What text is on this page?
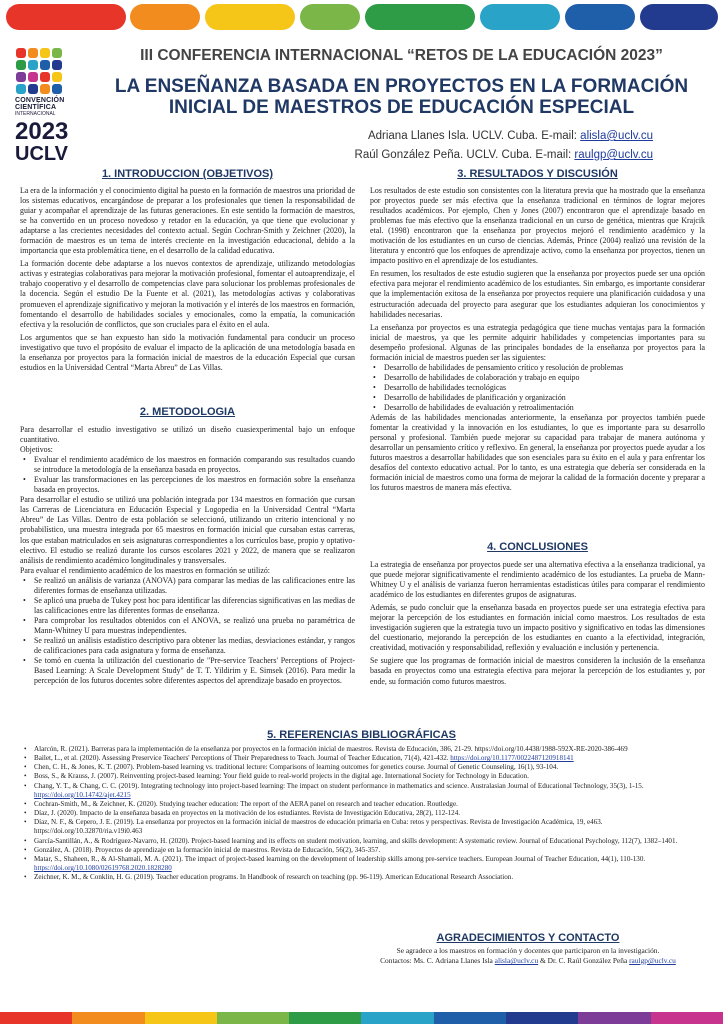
CONVENCIÓN
CIENTÍFICA
INTERNACIONAL
2023
UCLV
III CONFERENCIA INTERNACIONAL “RETOS DE LA EDUCACIÓN 2023”
LA ENSEÑANZA BASADA EN PROYECTOS EN LA FORMACIÓN
INICIAL DE MAESTROS DE EDUCACIÓN ESPECIAL
Adriana Llanes Isla. UCLV. Cuba. E-mail: alisla@uclv.cu
Raúl González Peña. UCLV. Cuba. E-mail: raulgp@uclv.cu
1. INTRODUCCION (OBJETIVOS)
La era de la información y el conocimiento digital ha puesto en la formación de maestros una prioridad de los sistemas educativos, encargándose de preparar a los profesionales que tienen la responsabilidad de guiar y acompañar el aprendizaje de las futuras generaciones. En este sentido la formación de maestros, se ha convertido en un proceso novedoso y retador en la educación, ya que tiene que evolucionar y adaptarse a las crecientes necesidades del contexto actual. Según Cochran-Smith y Zeichner (2020), la formación de maestros es un tema de interés creciente en la investigación educacional, debido a la importancia que esta problemática tiene, en el desarrollo de la calidad educativa.
La formación docente debe adaptarse a los nuevos contextos de aprendizaje, utilizando metodologías activas y estrategias colaborativas para mejorar la motivación profesional, fomentar el autoaprendizaje, el trabajo cooperativo y el desarrollo de competencias clave para solucionar los problemas profesionales de la docencia. Según el estudio De la Fuente et al. (2021), las metodologías activas y colaborativas promueven el aprendizaje significativo y mejoran la motivación y el interés de los maestros en formación, fomentando el desarrollo de habilidades sociales y emocionales, como la empatía, la comunicación efectiva y la resolución de conflictos, que son cruciales para el éxito en el aula.
Los argumentos que se han expuesto han sido la motivación fundamental para conducir un proceso investigativo que tuvo el propósito de evaluar el impacto de la aplicación de una metodología basada en la enseñanza por proyectos para la formación inicial de maestros de la educación Especial que cursan estudios en la Universidad Central “Marta Abreu” de Las Villas.
2. METODOLOGIA
Para desarrollar el estudio investigativo se utilizó un diseño cuasiexperimental bajo un enfoque cuantitativo.
Objetivos:
• Evaluar el rendimiento académico de los maestros en formación comparando sus resultados cuando se introduce la metodología de la enseñanza basada en proyectos.
• Evaluar las transformaciones en las percepciones de los maestros en formación sobre la enseñanza basada en proyectos.
Para desarrollar el estudio se utilizó una población integrada por 134 maestros en formación que cursan las Carreras de Licenciatura en Educación Especial y Logopedia en la Universidad Central “Marta Abreu” de Las Villas. Dentro de esta población se seleccionó, utilizando un criterio intencional y no probabilístico, una muestra integrada por 65 maestros en formación inicial que cursaban estas carreras, los que estaban matriculados en seis asignaturas correspondientes a los currículos base, propio y optativo-electivo. El estudio se realizó durante los cursos escolares 2021 y 2022, de manera que se realizaron análisis de rendimiento académico longitudinales y transversales.
Para evaluar el rendimiento académico de los maestros en formación se utilizó:
• Se realizó un análisis de varianza (ANOVA) para comparar las medias de las calificaciones entre las diferentes formas de enseñanza utilizadas.
• Se aplicó una prueba de Tukey post hoc para identificar las diferencias significativas en las medias de las calificaciones entre las diferentes formas de enseñanza.
• Para comprobar los resultados obtenidos con el ANOVA, se realizó una prueba no paramétrica de Mann-Whitney U para muestras independientes.
• Se realizó un análisis estadístico descriptivo para obtener las medias, desviaciones estándar, y rangos de calificaciones para cada asignatura y forma de enseñanza.
• Se tomó en cuenta la utilización del cuestionario de "Pre-service Teachers' Perceptions of Project-Based Learning: A Scale Development Study" de T. T. Yildirim y E. Simsek (2016). Para medir la percepción de los futuros docentes sobre diferentes aspectos del aprendizaje basado en proyectos.
3. RESULTADOS Y DISCUSIÓN
Los resultados de este estudio son consistentes con la literatura previa que ha mostrado que la enseñanza por proyectos puede ser más efectiva que la enseñanza tradicional en términos de lograr mejores resultados académicos. Por ejemplo, Chen y Jones (2007) encontraron que el aprendizaje basado en problemas fue más efectivo que la enseñanza tradicional en un curso de genética, mientras que Krajcik etal. (1998) encontraron que la enseñanza por proyectos mejoró el rendimiento académico y la motivación de los estudiantes en un curso de ciencias. Además, Prince (2004) realizó una revisión de la literatura y encontró que los enfoques de aprendizaje activo, como la enseñanza por proyectos, tienen un impacto positivo en el aprendizaje de los estudiantes.
En resumen, los resultados de este estudio sugieren que la enseñanza por proyectos puede ser una opción efectiva para mejorar el rendimiento académico de los estudiantes. Sin embargo, es importante considerar que la implementación exitosa de la enseñanza por proyectos requiere una planificación cuidadosa y una estructuración adecuada del proyecto para asegurar que los estudiantes adquieran los conocimientos y habilidades necesarias.
La enseñanza por proyectos es una estrategia pedagógica que tiene muchas ventajas para la formación inicial de maestros, ya que les permite adquirir habilidades y competencias importantes para su desempeño profesional. Algunas de las principales bondades de la enseñanza por proyectos para la formación inicial de maestros pueden ser las siguientes:
• Desarrollo de habilidades de pensamiento crítico y resolución de problemas
• Desarrollo de habilidades de colaboración y trabajo en equipo
• Desarrollo de habilidades tecnológicas
• Desarrollo de habilidades de planificación y organización
• Desarrollo de habilidades de evaluación y retroalimentación
Además de las habilidades mencionadas anteriormente, la enseñanza por proyectos también puede fomentar la creatividad y la innovación en los estudiantes, lo que es importante para su desarrollo personal y profesional. También puede mejorar su capacidad para trabajar de manera autónoma y desarrollar un pensamiento crítico y reflexivo. En general, la enseñanza por proyectos puede ayudar a los futuros maestros a desarrollar habilidades que son esenciales para su éxito en el aula y para enfrentar los desafíos del contexto educativo actual. Por lo tanto, es una estrategia que debería ser considerada en la formación inicial de maestros como una forma de mejorar la calidad de la formación docente y preparar a los futuros maestros de manera más efectiva.
4. CONCLUSIONES
La estrategia de enseñanza por proyectos puede ser una alternativa efectiva a la enseñanza tradicional, ya que puede mejorar significativamente el rendimiento académico de los estudiantes. La prueba de Mann-Whitney U y el análisis de varianza fueron herramientas estadísticas útiles para comparar el rendimiento académico de los estudiantes en diferentes grupos de asignaturas.
Además, se pudo concluir que la enseñanza basada en proyectos puede ser una estrategia efectiva para mejorar la percepción de los estudiantes en formación inicial como maestros. Los resultados de esta investigación sugieren que la estrategia tuvo un impacto positivo y significativo en todas las dimensiones del cuestionario, mejorando la percepción de los estudiantes en cuanto a la efectividad, integración, creatividad, motivación y responsabilidad, reflexión y evaluación e inclusión y pertenencia.
Se sugiere que los programas de formación inicial de maestros consideren la inclusión de la enseñanza basada en proyectos como una estrategia efectiva para mejorar la percepción de los estudiantes y, por ende, su formación como futuros maestros.
5. REFERENCIAS BIBLIOGRÁFICAS
• Alarcón, R. (2021). Barreras para la implementación de la enseñanza por proyectos en la formación inicial de maestros. Revista de Educación, 386, 21-29. https://doi.org/10.4438/1988-592X-RE-2020-386-469
• Bailet, L., et al. (2020). Assessing Preservice Teachers' Perceptions of Their Preparedness to Teach. Journal of Teacher Education, 71(4), 421-432. https://doi.org/10.1177/0022487120918141
• Chen, C. H., & Jones, K. T. (2007). Problem-based learning vs. traditional lecture: Comparisons of learning outcomes for genetics course. Journal of Genetic Counseling, 16(1), 93-104.
• Boss, S., & Krauss, J. (2007). Reinventing project-based learning: Your field guide to real-world projects in the digital age. International Society for Technology in Education.
• Chang, Y. T., & Chang, C. C. (2019). Integrating technology into project-based learning: The impact on student performance in mathematics and science. Australasian Journal of Educational Technology, 35(3), 1-15. https://doi.org/10.14742/ajet.4215
• Cochran-Smith, M., & Zeichner, K. (2020). Studying teacher education: The report of the AERA panel on research and teacher education. Routledge.
• Díaz, J. (2020). Impacto de la enseñanza basada en proyectos en la motivación de los estudiantes. Revista de Investigación Educativa, 28(2), 112-124.
• Díaz, N. F., & Cepero, J. E. (2019). La enseñanza por proyectos en la formación inicial de maestros de educación primaria en Cuba: retos y perspectivas. Revista de Investigación Académica, 19, e463. https://doi.org/10.32870/ria.v19i0.463
• García-Santillán, A., & Rodríguez-Navarro, H. (2020). Project-based learning and its effects on student motivation, learning, and skills development: A systematic review. Journal of Educational Psychology, 112(7), 1382–1401.
• González, A. (2018). Proyectos de aprendizaje en la formación inicial de maestros. Revista de Educación, 56(2), 345-357.
• Matar, S., Shaheen, R., & Al-Shamali, M. A. (2021). The impact of project-based learning on the development of leadership skills among pre-service teachers. European Journal of Teacher Education, 44(1), 110-130. https://doi.org/10.1080/02619768.2020.1828280
• Zeichner, K. M., & Conklin, H. G. (2019). Teacher education programs. In Handbook of research on teaching (pp. 96-119). American Educational Research Association.
AGRADECIMIENTOS Y CONTACTO
Se agradece a los maestros en formación y docentes que participaron en la investigación.
Contactos: Ms. C. Adriana Llanes Isla alisla@uclv.cu & Dr. C. Raúl González Peña raulgp@uclv.cu
